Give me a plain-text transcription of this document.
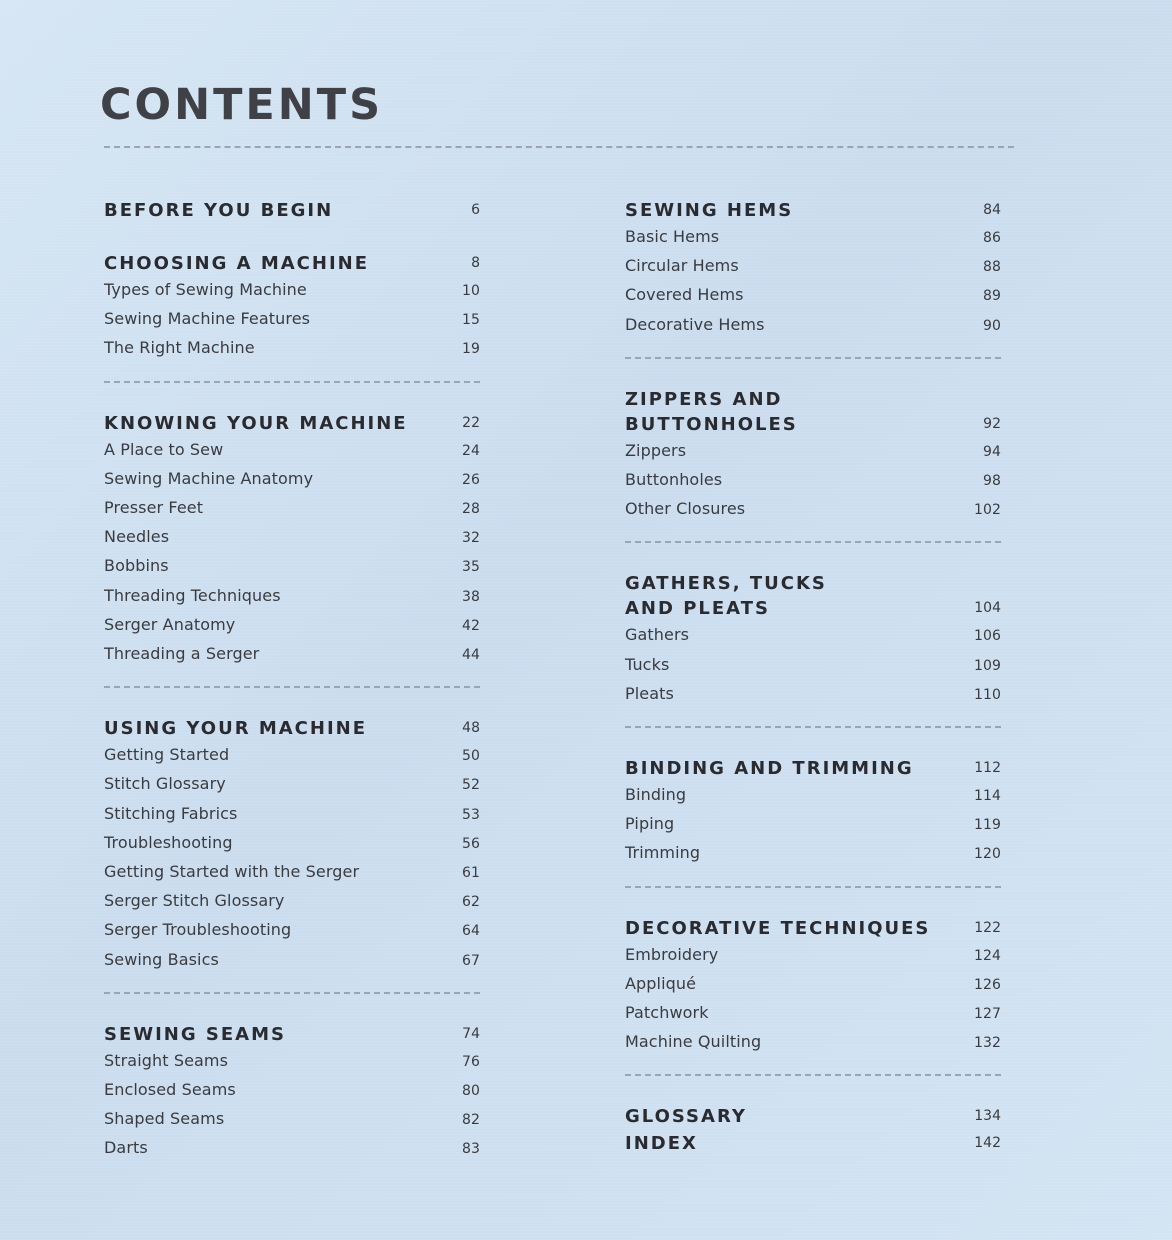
CONTENTS
BEFORE YOU BEGIN	6
CHOOSING A MACHINE	8
Types of Sewing Machine	10
Sewing Machine Features	15
The Right Machine	19
KNOWING YOUR MACHINE	22
A Place to Sew	24
Sewing Machine Anatomy	26
Presser Feet	28
Needles	32
Bobbins	35
Threading Techniques	38
Serger Anatomy	42
Threading a Serger	44
USING YOUR MACHINE	48
Getting Started	50
Stitch Glossary	52
Stitching Fabrics	53
Troubleshooting	56
Getting Started with the Serger	61
Serger Stitch Glossary	62
Serger Troubleshooting	64
Sewing Basics	67
SEWING SEAMS	74
Straight Seams	76
Enclosed Seams	80
Shaped Seams	82
Darts	83
SEWING HEMS	84
Basic Hems	86
Circular Hems	88
Covered Hems	89
Decorative Hems	90
ZIPPERS AND
BUTTONHOLES	92
Zippers	94
Buttonholes	98
Other Closures	102
GATHERS, TUCKS
AND PLEATS	104
Gathers	106
Tucks	109
Pleats	110
BINDING AND TRIMMING	112
Binding	114
Piping	119
Trimming	120
DECORATIVE TECHNIQUES	122
Embroidery	124
Appliqué	126
Patchwork	127
Machine Quilting	132
GLOSSARY	134
INDEX	142
